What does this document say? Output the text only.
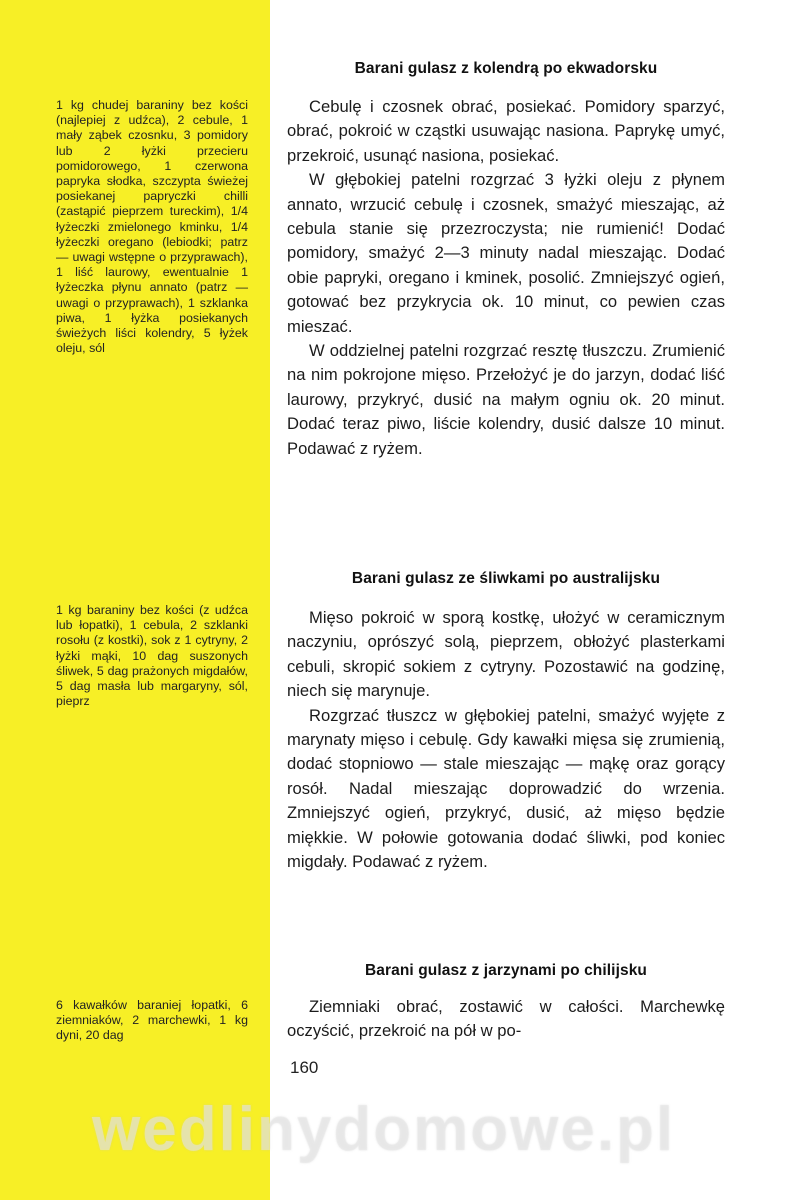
1 kg chudej baraniny bez kości (najlepiej z udźca), 2 cebule, 1 mały ząbek czosnku, 3 pomidory lub 2 łyżki przecieru pomidorowego, 1 czerwona papryka słodka, szczypta świeżej posiekanej papryczki chilli (zastąpić pieprzem tureckim), 1/4 łyżeczki zmielonego kminku, 1/4 łyżeczki oregano (lebiodki; patrz — uwagi wstępne o przyprawach), 1 liść laurowy, ewentualnie 1 łyżeczka płynu annato (patrz — uwagi o przyprawach), 1 szklanka piwa, 1 łyżka posiekanych świeżych liści kolendry, 5 łyżek oleju, sól
1 kg baraniny bez kości (z udźca lub łopatki), 1 cebula, 2 szklanki rosołu (z kostki), sok z 1 cytryny, 2 łyżki mąki, 10 dag suszonych śliwek, 5 dag prażonych migdałów, 5 dag masła lub margaryny, sól, pieprz
6 kawałków baraniej łopatki, 6 ziemniaków, 2 marchewki, 1 kg dyni, 20 dag
Barani gulasz z kolendrą po ekwadorsku

Cebulę i czosnek obrać, posiekać. Pomidory sparzyć, obrać, pokroić w cząstki usuwając nasiona. Paprykę umyć, przekroić, usunąć nasiona, posiekać.

W głębokiej patelni rozgrzać 3 łyżki oleju z płynem annato, wrzucić cebulę i czosnek, smażyć mieszając, aż cebula stanie się przezroczysta; nie rumienić! Dodać pomidory, smażyć 2—3 minuty nadal mieszając. Dodać obie papryki, oregano i kminek, posolić. Zmniejszyć ogień, gotować bez przykrycia ok. 10 minut, co pewien czas mieszać.

W oddzielnej patelni rozgrzać resztę tłuszczu. Zrumienić na nim pokrojone mięso. Przełożyć je do jarzyn, dodać liść laurowy, przykryć, dusić na małym ogniu ok. 20 minut. Dodać teraz piwo, liście kolendry, dusić dalsze 10 minut. Podawać z ryżem.

Barani gulasz ze śliwkami po australijsku

Mięso pokroić w sporą kostkę, ułożyć w ceramicznym naczyniu, oprószyć solą, pieprzem, obłożyć plasterkami cebuli, skropić sokiem z cytryny. Pozostawić na godzinę, niech się marynuje.

Rozgrzać tłuszcz w głębokiej patelni, smażyć wyjęte z marynaty mięso i cebulę. Gdy kawałki mięsa się zrumienią, dodać stopniowo — stale mieszając — mąkę oraz gorący rosół. Nadal mieszając doprowadzić do wrzenia. Zmniejszyć ogień, przykryć, dusić, aż mięso będzie miękkie. W połowie gotowania dodać śliwki, pod koniec migdały. Podawać z ryżem.

Barani gulasz z jarzynami po chilijsku

Ziemniaki obrać, zostawić w całości. Marchewkę oczyścić, przekroić na pół w po-

160
wedlinydomowe.pl
